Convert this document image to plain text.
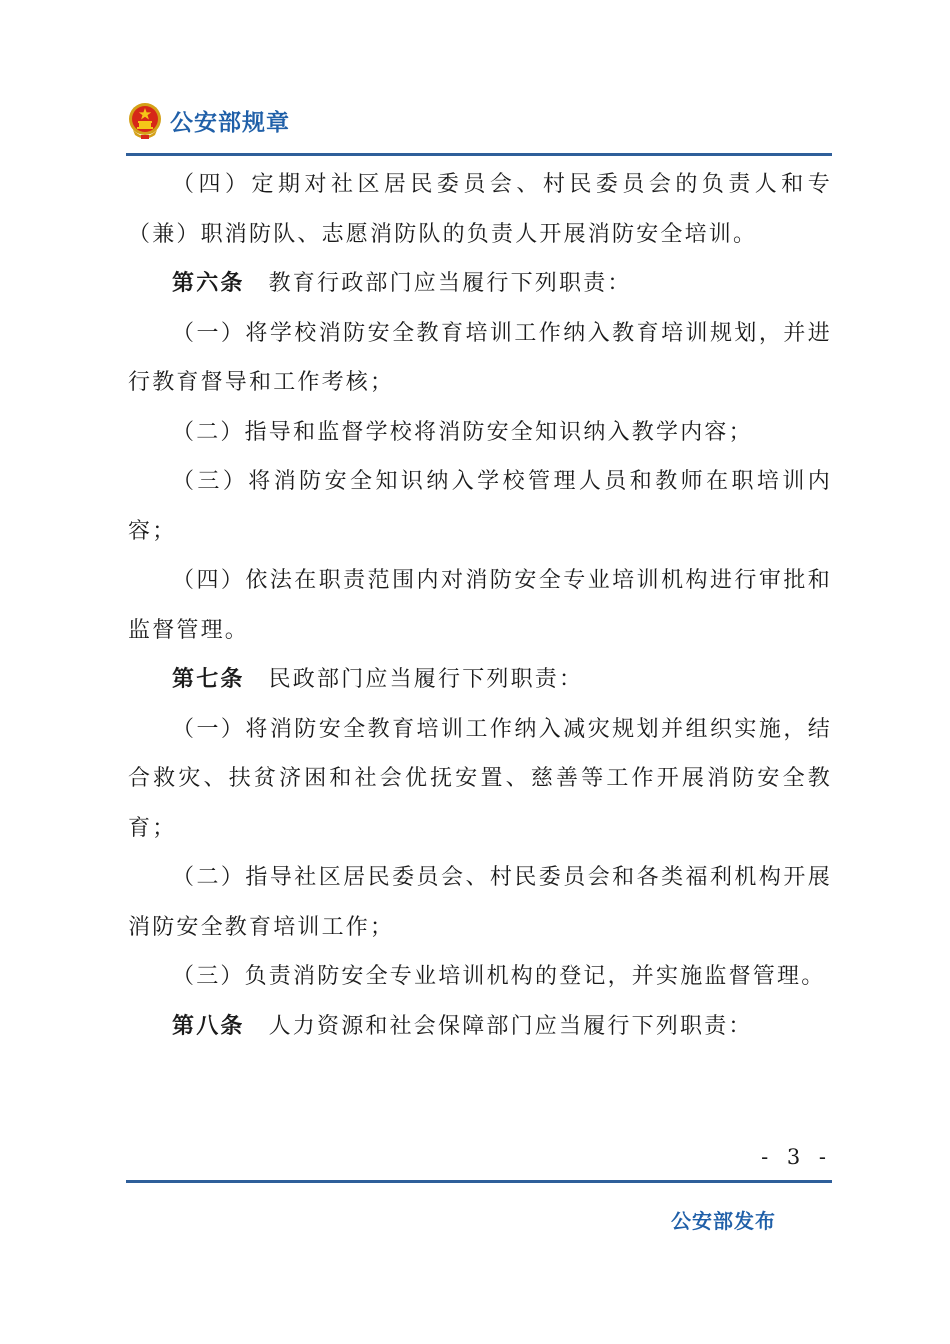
公安部规章

（四）定期对社区居民委员会、村民委员会的负责人和专（兼）职消防队、志愿消防队的负责人开展消防安全培训。

第六条 教育行政部门应当履行下列职责：

（一）将学校消防安全教育培训工作纳入教育培训规划，并进行教育督导和工作考核；

（二）指导和监督学校将消防安全知识纳入教学内容；

（三）将消防安全知识纳入学校管理人员和教师在职培训内容；

（四）依法在职责范围内对消防安全专业培训机构进行审批和监督管理。

第七条 民政部门应当履行下列职责：

（一）将消防安全教育培训工作纳入减灾规划并组织实施，结合救灾、扶贫济困和社会优抚安置、慈善等工作开展消防安全教育；

（二）指导社区居民委员会、村民委员会和各类福利机构开展消防安全教育培训工作；

（三）负责消防安全专业培训机构的登记，并实施监督管理。

第八条 人力资源和社会保障部门应当履行下列职责：

- 3 -
公安部发布
